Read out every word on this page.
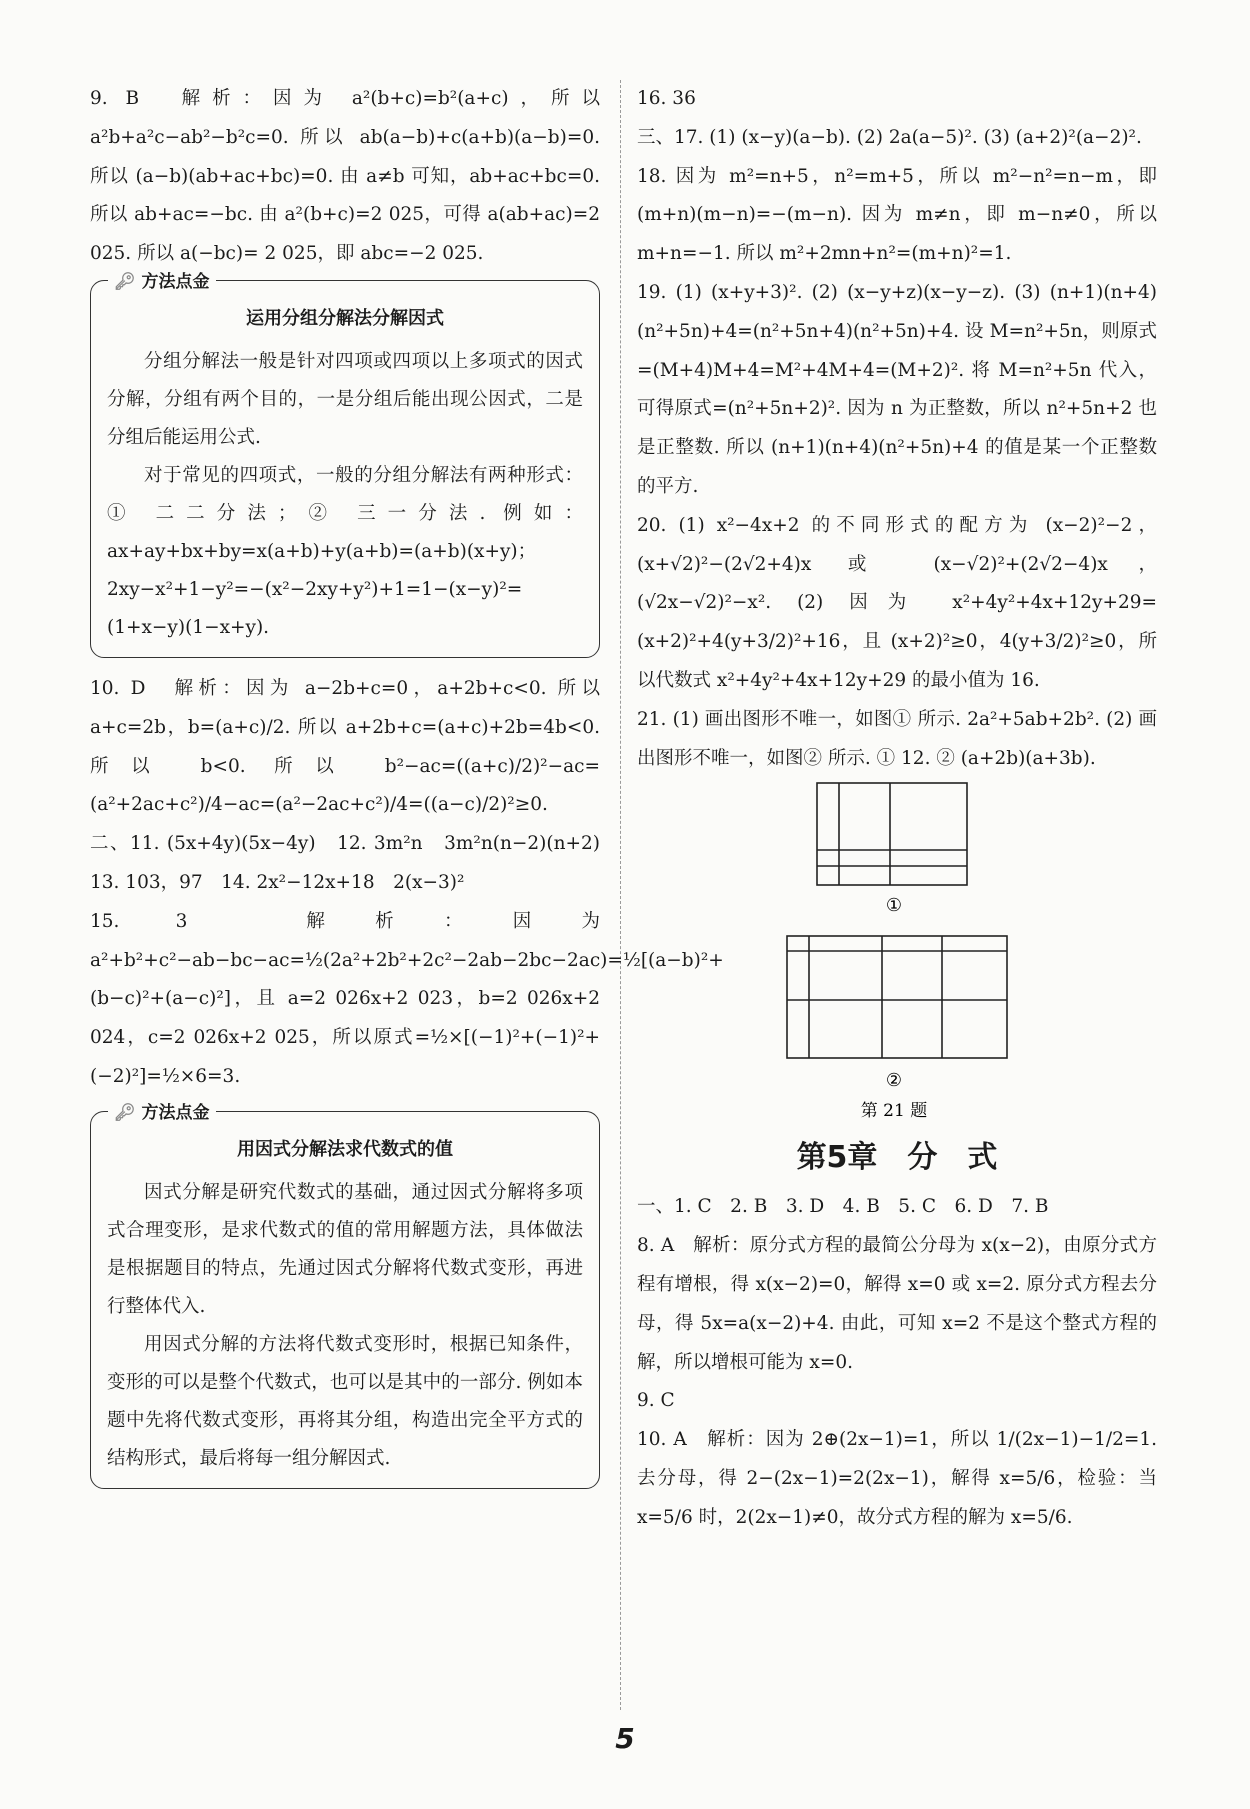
9. B　解析：因为 a²(b+c)=b²(a+c)，所以 a²b+a²c−ab²−b²c=0. 所以 ab(a−b)+c(a+b)(a−b)=0. 所以 (a−b)(ab+ac+bc)=0. 由 a≠b 可知，ab+ac+bc=0. 所以 ab+ac=−bc. 由 a²(b+c)=2 025，可得 a(ab+ac)=2 025. 所以 a(−bc)= 2 025，即 abc=−2 025.

🔑︎ 方法点金
运用分组分解法分解因式

分组分解法一般是针对四项或四项以上多项式的因式分解，分组有两个目的，一是分组后能出现公因式，二是分组后能运用公式.

对于常见的四项式，一般的分组分解法有两种形式：① 二二分法；② 三一分法. 例如：ax+ay+bx+by=x(a+b)+y(a+b)=(a+b)(x+y)；2xy−x²+1−y²=−(x²−2xy+y²)+1=1−(x−y)²=(1+x−y)(1−x+y).

10. D　解析：因为 a−2b+c=0，a+2b+c<0. 所以 a+c=2b，b=(a+c)/2. 所以 a+2b+c=(a+c)+2b=4b<0. 所以 b<0. 所以 b²−ac=((a+c)/2)²−ac=(a²+2ac+c²)/4−ac=(a²−2ac+c²)/4=((a−c)/2)²≥0.

二、11. (5x+4y)(5x−4y)　12. 3m²n　3m²n(n−2)(n+2)　13. 103，97　14. 2x²−12x+18　2(x−3)²

15. 3　解析：因为 a²+b²+c²−ab−bc−ac=½(2a²+2b²+2c²−2ab−2bc−2ac)=½[(a−b)²+(b−c)²+(a−c)²]，且 a=2 026x+2 023，b=2 026x+2 024，c=2 026x+2 025，所以原式=½×[(−1)²+(−1)²+(−2)²]=½×6=3.

🔑︎ 方法点金
用因式分解法求代数式的值

因式分解是研究代数式的基础，通过因式分解将多项式合理变形，是求代数式的值的常用解题方法，具体做法是根据题目的特点，先通过因式分解将代数式变形，再进行整体代入.

用因式分解的方法将代数式变形时，根据已知条件，变形的可以是整个代数式，也可以是其中的一部分. 例如本题中先将代数式变形，再将其分组，构造出完全平方式的结构形式，最后将每一组分解因式.

16. 36

三、17. (1) (x−y)(a−b). (2) 2a(a−5)². (3) (a+2)²(a−2)².

18. 因为 m²=n+5，n²=m+5，所以 m²−n²=n−m，即 (m+n)(m−n)=−(m−n). 因为 m≠n，即 m−n≠0，所以 m+n=−1. 所以 m²+2mn+n²=(m+n)²=1.

19. (1) (x+y+3)². (2) (x−y+z)(x−y−z). (3) (n+1)(n+4)(n²+5n)+4=(n²+5n+4)(n²+5n)+4. 设 M=n²+5n，则原式=(M+4)M+4=M²+4M+4=(M+2)². 将 M=n²+5n 代入，可得原式=(n²+5n+2)². 因为 n 为正整数，所以 n²+5n+2 也是正整数. 所以 (n+1)(n+4)(n²+5n)+4 的值是某一个正整数的平方.

20. (1) x²−4x+2 的不同形式的配方为 (x−2)²−2，(x+√2)²−(2√2+4)x 或 (x−√2)²+(2√2−4)x，(√2x−√2)²−x². (2) 因为 x²+4y²+4x+12y+29=(x+2)²+4(y+3/2)²+16，且 (x+2)²≥0，4(y+3/2)²≥0，所以代数式 x²+4y²+4x+12y+29 的最小值为 16.

21. (1) 画出图形不唯一，如图① 所示. 2a²+5ab+2b². (2) 画出图形不唯一，如图② 所示. ① 12. ② (a+2b)(a+3b).

①
②
第 21 题
第5章　分　式

一、1. C　2. B　3. D　4. B　5. C　6. D　7. B

8. A　解析：原分式方程的最简公分母为 x(x−2)，由原分式方程有增根，得 x(x−2)=0，解得 x=0 或 x=2. 原分式方程去分母，得 5x=a(x−2)+4. 由此，可知 x=2 不是这个整式方程的解，所以增根可能为 x=0.

9. C

10. A　解析：因为 2⊕(2x−1)=1，所以 1/(2x−1)−1/2=1. 去分母，得 2−(2x−1)=2(2x−1)，解得 x=5/6，检验：当 x=5/6 时，2(2x−1)≠0，故分式方程的解为 x=5/6.

5
